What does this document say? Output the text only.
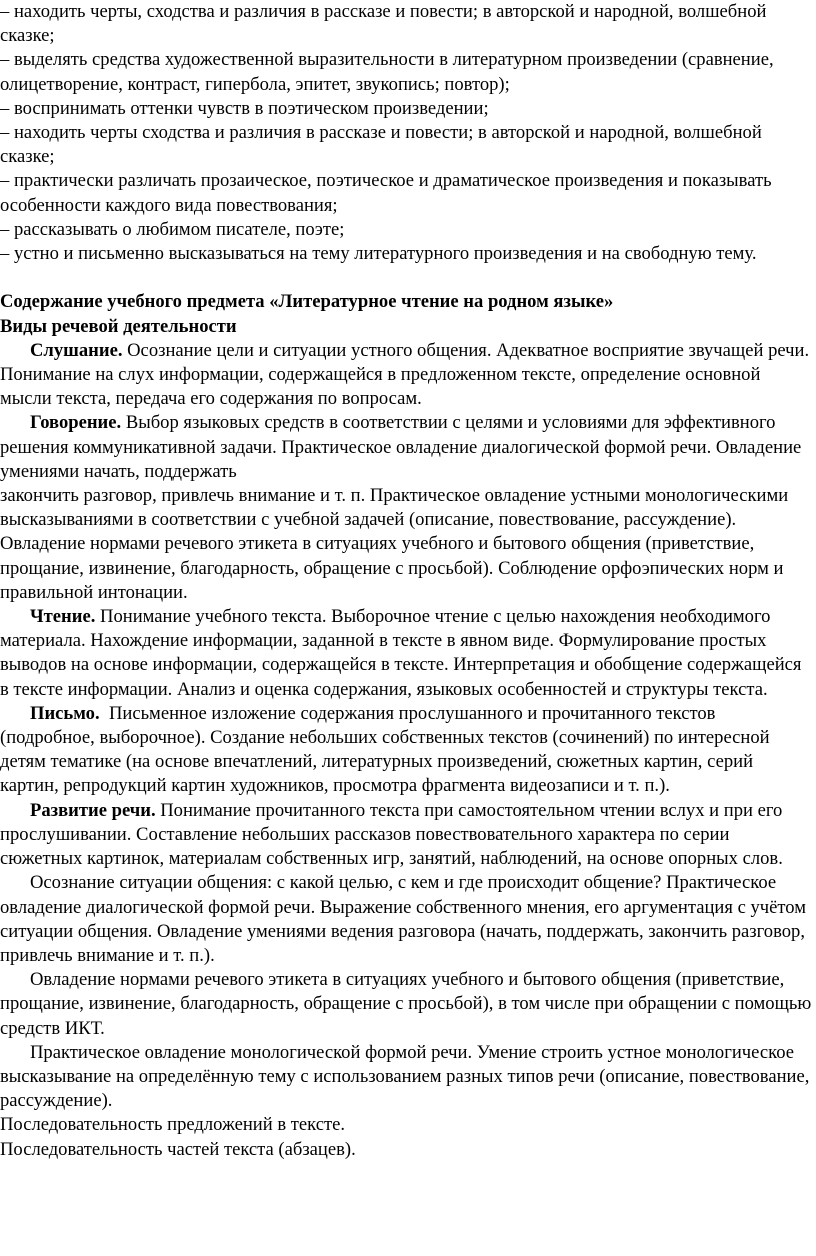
– находить черты, сходства и различия в рассказе и повести; в авторской и народной, волшебной сказке;

– выделять средства художественной выразительности в литературном произведении (сравнение, олицетворение, контраст, гипербола, эпитет, звукопись; повтор);

– воспринимать оттенки чувств в поэтическом произведении;

– находить черты сходства и различия в рассказе и повести; в авторской и народной, волшебной сказке;

– практически различать прозаическое, поэтическое и драматическое произведения и показывать особенности каждого вида повествования;

– рассказывать о любимом писателе, поэте;

– устно и письменно высказываться на тему литературного произведения и на свободную тему.

Содержание учебного предмета «Литературное чтение на родном языке»

Виды речевой деятельности

Слушание. Осознание цели и ситуации устного общения. Адекватное восприятие звучащей речи. Понимание на слух информации, содержащейся в предложенном тексте, определение основной мысли текста, передача его содержания по вопросам.

Говорение. Выбор языковых средств в соответствии с целями и условиями для эффективного решения коммуникативной задачи. Практическое овладение диалогической формой речи. Овладение умениями начать, поддержать

закончить разговор, привлечь внимание и т. п. Практическое овладение устными монологическими высказываниями в соответствии с учебной задачей (описание, повествование, рассуждение). Овладение нормами речевого этикета в ситуациях учебного и бытового общения (приветствие, прощание, извинение, благодарность, обращение с просьбой). Соблюдение орфоэпических норм и правильной интонации.

Чтение. Понимание учебного текста. Выборочное чтение с целью нахождения необходимого материала. Нахождение информации, заданной в тексте в явном виде. Формулирование простых выводов на основе информации, содержащейся в тексте. Интерпретация и обобщение содержащейся в тексте информации. Анализ и оценка содержания, языковых особенностей и структуры текста.

Письмо.  Письменное изложение содержания прослушанного и прочитанного текстов (подробное, выборочное). Создание небольших собственных текстов (сочинений) по интересной детям тематике (на основе впечатлений, литературных произведений, сюжетных картин, серий картин, репродукций картин художников, просмотра фрагмента видеозаписи и т. п.).

Развитие речи. Понимание прочитанного текста при самостоятельном чтении вслух и при его прослушивании. Составление небольших рассказов повествовательного характера по серии сюжетных картинок, материалам собственных игр, занятий, наблюдений, на основе опорных слов.

Осознание ситуации общения: с какой целью, с кем и где происходит общение? Практическое овладение диалогической формой речи. Выражение собственного мнения, его аргументация с учётом ситуации общения. Овладение умениями ведения разговора (начать, поддержать, закончить разговор, привлечь внимание и т. п.).

Овладение нормами речевого этикета в ситуациях учебного и бытового общения (приветствие, прощание, извинение, благодарность, обращение с просьбой), в том числе при обращении с помощью средств ИКТ.

Практическое овладение монологической формой речи. Умение строить устное монологическое высказывание на определённую тему с использованием разных типов речи (описание, повествование, рассуждение).

Последовательность предложений в тексте.

Последовательность частей текста (абзацев).
